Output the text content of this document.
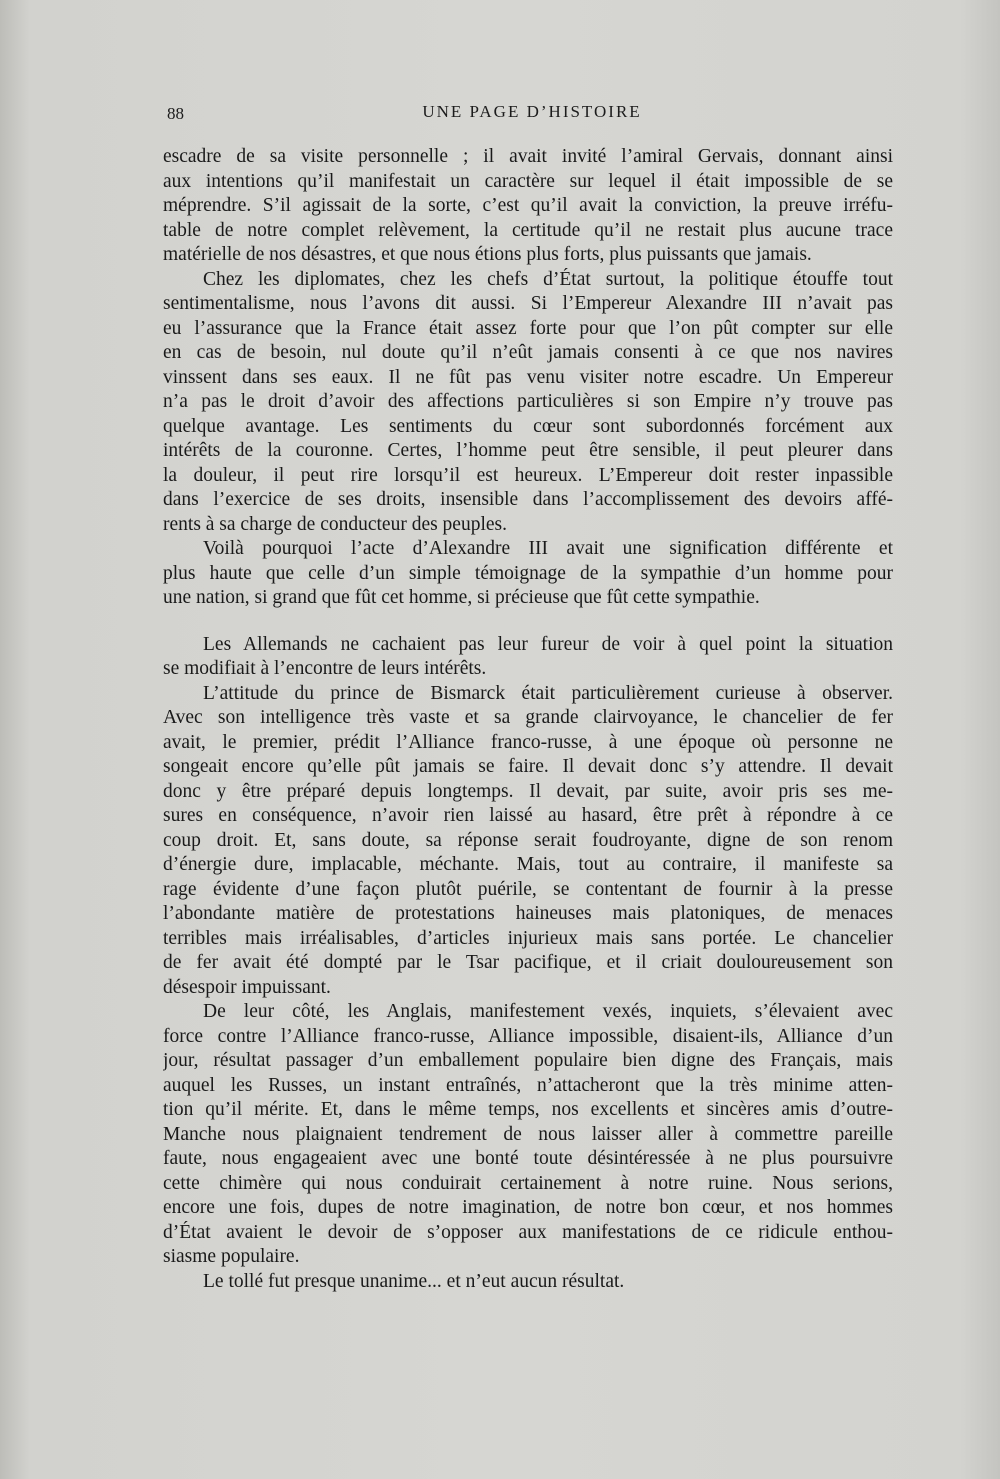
88	UNE PAGE D’HISTOIRE
escadre de sa visite personnelle ; il avait invité l’amiral Gervais, donnant ainsi
aux intentions qu’il manifestait un caractère sur lequel il était impossible de se
méprendre. S’il agissait de la sorte, c’est qu’il avait la conviction, la preuve irréfu-
table de notre complet relèvement, la certitude qu’il ne restait plus aucune trace
matérielle de nos désastres, et que nous étions plus forts, plus puissants que jamais.
Chez les diplomates, chez les chefs d’État surtout, la politique étouffe tout
sentimentalisme, nous l’avons dit aussi. Si l’Empereur Alexandre III n’avait pas
eu l’assurance que la France était assez forte pour que l’on pût compter sur elle
en cas de besoin, nul doute qu’il n’eût jamais consenti à ce que nos navires
vinssent dans ses eaux. Il ne fût pas venu visiter notre escadre. Un Empereur
n’a pas le droit d’avoir des affections particulières si son Empire n’y trouve pas
quelque avantage. Les sentiments du cœur sont subordonnés forcément aux
intérêts de la couronne. Certes, l’homme peut être sensible, il peut pleurer dans
la douleur, il peut rire lorsqu’il est heureux. L’Empereur doit rester inpassible
dans l’exercice de ses droits, insensible dans l’accomplissement des devoirs affé-
rents à sa charge de conducteur des peuples.
Voilà pourquoi l’acte d’Alexandre III avait une signification différente et
plus haute que celle d’un simple témoignage de la sympathie d’un homme pour
une nation, si grand que fût cet homme, si précieuse que fût cette sympathie.
Les Allemands ne cachaient pas leur fureur de voir à quel point la situation
se modifiait à l’encontre de leurs intérêts.
L’attitude du prince de Bismarck était particulièrement curieuse à observer.
Avec son intelligence très vaste et sa grande clairvoyance, le chancelier de fer
avait, le premier, prédit l’Alliance franco-russe, à une époque où personne ne
songeait encore qu’elle pût jamais se faire. Il devait donc s’y attendre. Il devait
donc y être préparé depuis longtemps. Il devait, par suite, avoir pris ses me-
sures en conséquence, n’avoir rien laissé au hasard, être prêt à répondre à ce
coup droit. Et, sans doute, sa réponse serait foudroyante, digne de son renom
d’énergie dure, implacable, méchante. Mais, tout au contraire, il manifeste sa
rage évidente d’une façon plutôt puérile, se contentant de fournir à la presse
l’abondante matière de protestations haineuses mais platoniques, de menaces
terribles mais irréalisables, d’articles injurieux mais sans portée. Le chancelier
de fer avait été dompté par le Tsar pacifique, et il criait douloureusement son
désespoir impuissant.
De leur côté, les Anglais, manifestement vexés, inquiets, s’élevaient avec
force contre l’Alliance franco-russe, Alliance impossible, disaient-ils, Alliance d’un
jour, résultat passager d’un emballement populaire bien digne des Français, mais
auquel les Russes, un instant entraînés, n’attacheront que la très minime atten-
tion qu’il mérite. Et, dans le même temps, nos excellents et sincères amis d’outre-
Manche nous plaignaient tendrement de nous laisser aller à commettre pareille
faute, nous engageaient avec une bonté toute désintéressée à ne plus poursuivre
cette chimère qui nous conduirait certainement à notre ruine. Nous serions,
encore une fois, dupes de notre imagination, de notre bon cœur, et nos hommes
d’État avaient le devoir de s’opposer aux manifestations de ce ridicule enthou-
siasme populaire.
Le tollé fut presque unanime... et n’eut aucun résultat.
